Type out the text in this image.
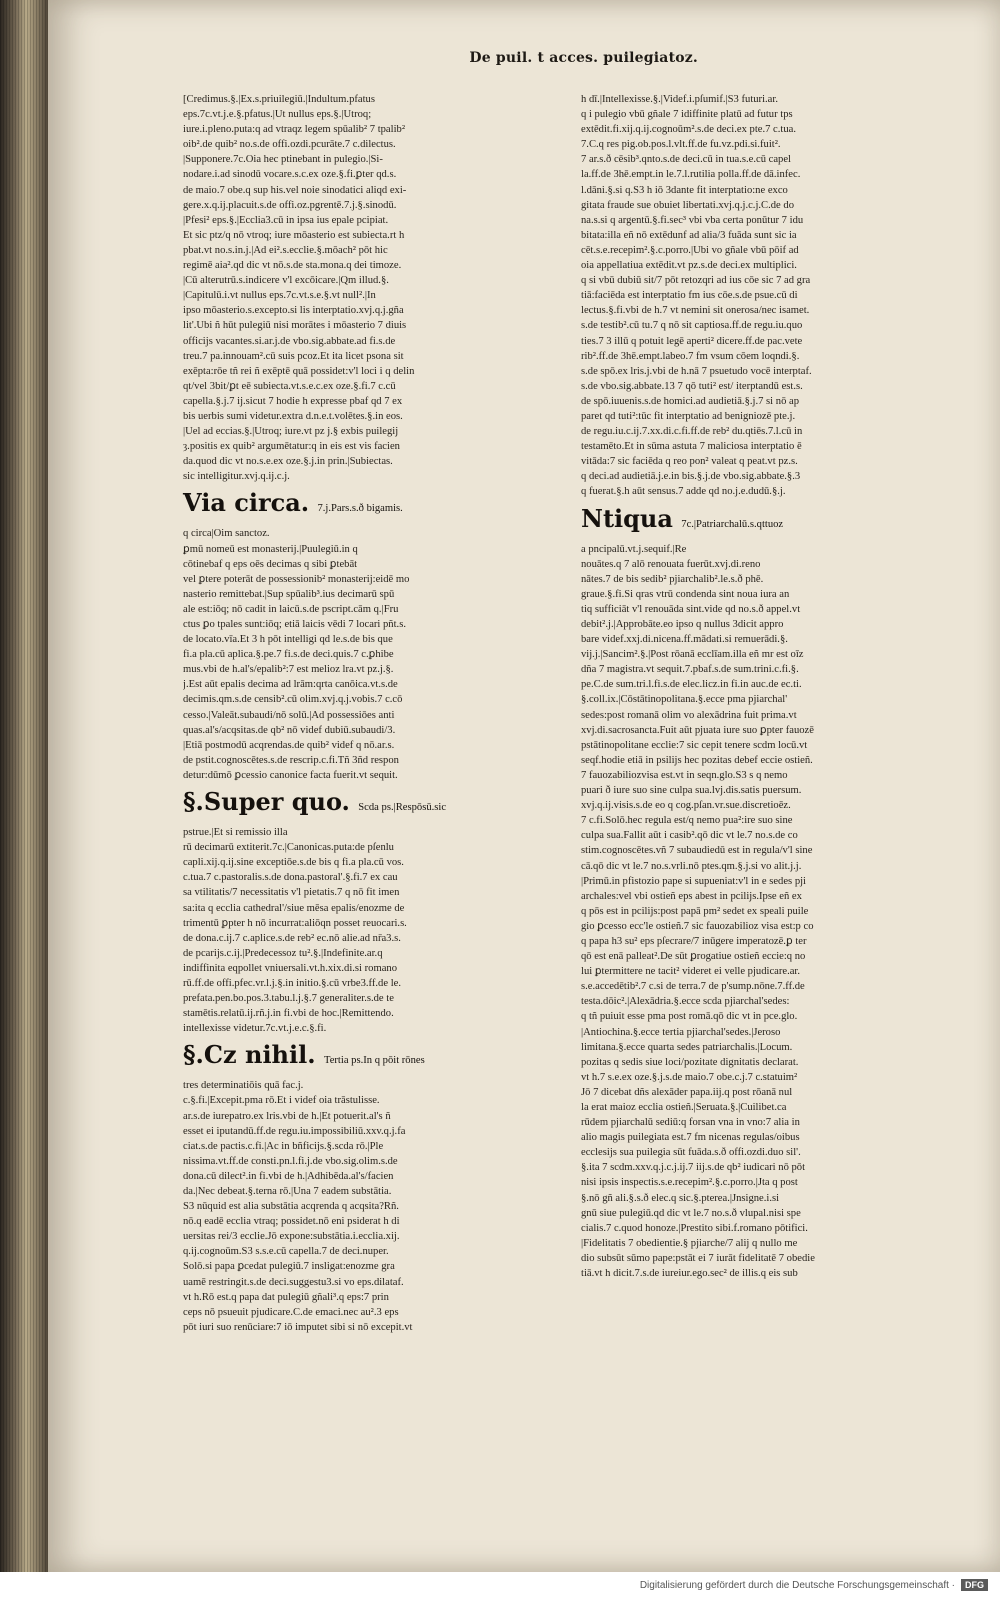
De puil. t acces. puilegiatoz.
[Credimus.§.|Ex.s.priuilegiū.|Indultum.pfatus
eps.7c.vt.j.e.§.pfatus.|Ut nullus eps.§.|Utroq;
iure.i.pleno.puta:q ad vtraqz legem spūalib² 7 tpalib²
oib².de quib² no.s.de offi.ozdi.pcurāte.7 c.dilectus.
|Supponere.7c.Oia hec ptinebant in pulegio.|Si-
nodare.i.ad sinodū vocare.s.c.ex oze.§.fi.ꝑter qd.s.
de maio.7 obe.q sup his.vel noie sinodatici aliqd exi-
gere.x.q.ij.placuit.s.de offi.oz.pgrentē.7.j.§.sinodū.
|Pfesi² eps.§.|Ecclia3.cū in ipsa ius epale pcipiat.
Et sic ptz/q nō vtroq; iure mōasterio est subiecta.rt h
pbat.vt no.s.in.j.|Ad ei².s.ecclie.§.mōach² pōt hic
regimē aia².qd dic vt nō.s.de sta.mona.q dei timoze.
|Cū alterutrū.s.indicere v'l excōicare.|Qm illud.§.
|Capitulū.i.vt nullus eps.7c.vt.s.e.§.vt null².|In
ipso mōasterio.s.excepto.si lis interptatio.xvj.q.j.gña
lit'.Ubi ñ hūt pulegiū nisi morātes i mōasterio 7 diuis
officijs vacantes.si.ar.j.de vbo.sig.abbate.ad fi.s.de
treu.7 pa.innouam².cū suis pcoz.Et ita licet psona sit
exēpta:rōe tñ rei ñ exēptē quā possidet:v'l loci i q delin
qt/vel 3bit/ꝑt eē subiecta.vt.s.e.c.ex oze.§.fi.7 c.cū
capella.§.j.7 ij.sicut 7 hodie h expresse pbaf qd 7 ex
bis uerbis sumi videtur.extra d.n.e.t.volētes.§.in eos.
|Uel ad eccias.§.|Utroq; iure.vt pz j.§ exbis puilegij
ȝ.positis ex quib² argumētatur:q in eis est vis facien
da.quod dic vt no.s.e.ex oze.§.j.in prin.|Subiectas.
sic intelligitur.xvj.q.ij.c.j.
Via circa. 7.j.Pars.s.ð bigamis.
q circa|Oim sanctoz.
ꝑmū nomeū est monasterij.|Puulegiū.in q
cōtinebaf q eps oēs decimas q sibi ꝑtebāt
vel ꝑtere poterāt de possessionib² monasterij:eidē mo
nasterio remittebat.|Sup spūalib³.ius decimarū spū
ale est:iōq; nō cadit in laicū.s.de pscript.cām q.|Fru
ctus ꝑo tpales sunt:iōq; etiā laicis vēdi 7 locari pñt.s.
de locato.vīa.Et 3 h pōt intelligi qd le.s.de bis que
fi.a pla.cū aplica.§.pe.7 fi.s.de deci.quis.7 c.ꝑhibe
mus.vbi de h.al's/epalib²:7 est melioz lra.vt pz.j.§.
j.Est aūt epalis decima ad lrām:qrta canōica.vt.s.de
decimis.qm.s.de censib².cū olim.xvj.q.j.vobis.7 c.cō
cesso.|Valeāt.subaudi/nō solū.|Ad possessiōes anti
quas.al's/acqsitas.de qb² nō videf dubiū.subaudi/3.
|Etiā postmodū acqrendas.de quib² videf q nō.ar.s.
de pstit.cognoscētes.s.de rescrip.c.fi.Tñ 3ñd respon
detur:dūmō ꝑcessio canonice facta fuerit.vt sequit.
§.Super quo. Scda ps.|Respōsū.sic
pstrue.|Et si remissio illa
rū decimarū extiterit.7c.|Canonicas.puta:de pſenlu
capli.xij.q.ij.sine exceptiōe.s.de bis q fi.a pla.cū vos.
c.tua.7 c.pastoralis.s.de dona.pastoral'.§.fi.7 ex cau
sa vtilitatis/7 necessitatis v'l pietatis.7 q nō fit imen
sa:ita q ecclia cathedral'/siue mēsa epalis/enozme de
trimentū ꝑpter h nō incurrat:aliōqn posset reuocari.s.
de dona.c.ij.7 c.aplice.s.de reb² ec.nō alie.ad nr̄a3.s.
de pcarijs.c.ij.|Predecessoz tu².§.|Indefinite.ar.q
indiffinita eqpollet vniuersali.vt.h.xix.di.si romano
rū.ff.de offi.pfec.vr.l.j.§.in initio.§.cū vrbe3.ff.de le.
prefata.pen.bo.pos.3.tabu.l.j.§.7 generaliter.s.de te
stamētis.relatū.ij.rñ.j.in fi.vbi de hoc.|Remittendo.
intellexisse videtur.7c.vt.j.e.c.§.fi.
§.Cz nihil. Tertia ps.In q pōit rōnes
tres determinatiōis quā fac.j.
c.§.fi.|Excepit.pma rō.Et i videf oia trāstulisse.
ar.s.de iurepatro.ex lris.vbi de h.|Et potuerit.al's ñ
esset ei iputandū.ff.de regu.iu.impossibiliū.xxv.q.j.fa
ciat.s.de pactis.c.fi.|Ac in bñficijs.§.scda rō.|Ple
nissima.vt.ff.de consti.pn.l.fi.j.de vbo.sig.olim.s.de
dona.cū dilect².in fi.vbi de h.|Adhibēda.al's/facien
da.|Nec debeat.§.terna rō.|Una 7 eadem substātia.
S3 nūquid est alia substātia acqrenda q acqsita?Rñ.
nō.q eadē ecclia vtraq; possidet.nō eni psiderat h di
uersitas rei/3 ecclie.Jō expone:substātia.i.ecclia.xij.
q.ij.cognoūm.S3 s.s.e.cū capella.7 de deci.nuper.
Solō.si papa ꝑcedat pulegiū.7 insligat:enozme gra
uamē restringit.s.de deci.suggestu3.si vo eps.dilataf.
vt h.Rō est.q papa dat pulegiū gñali³.q eps:7 prin
ceps nō psueuit pjudicare.C.de emaci.nec au².3 eps
pōt iuri suo renūciare:7 iō imputet sibi si nō excepit.vt
h dī.|Intellexisse.§.|Videf.i.pſumif.|S3 futuri.ar.
q i pulegio vbū gñale 7 idiffinite platū ad futur tps
extēdit.fi.xij.q.ij.cognoūm².s.de deci.ex pte.7 c.tua.
7.C.q res pig.ob.pos.l.vlt.ff.de fu.vz.pdi.si.fuit².
7 ar.s.ð cēsib³.qnto.s.de deci.cū in tua.s.e.cū capel
la.ff.de 3hē.empt.in le.7.l.rutilia polla.ff.de dā.infec.
l.dāni.§.si q.S3 h iō 3dante fit interptatio:ne exco
gitata fraude sue obuiet libertati.xvj.q.j.c.j.C.de do
na.s.si q argentū.§.fi.sec³ vbi vba certa ponūtur 7 idu
bitata:illa eñ nō extēdunf ad alia/3 fuāda sunt sic ia
cēt.s.e.recepim².§.c.porro.|Ubi vo gñale vbū pōif ad
oia appellatiua extēdit.vt pz.s.de deci.ex multiplici.
q si vbū dubiū sit/7 pōt retozqri ad ius cōe sic 7 ad gra
tiā:faciēda est interptatio fm ius cōe.s.de psue.cū di
lectus.§.fi.vbi de h.7 vt nemini sit onerosa/nec isamet.
s.de testib².cū tu.7 q nō sit captiosa.ff.de regu.iu.quo
ties.7 3 illū q potuit legē aperti² dicere.ff.de pac.vete
rib².ff.de 3hē.empt.labeo.7 fm vsum cōem loqndi.§.
s.de spō.ex lris.j.vbi de h.nā 7 psuetudo vocē interptaf.
s.de vbo.sig.abbate.13 7 qō tuti² est/ iterptandū est.s.
de spō.iuuenis.s.de homici.ad audietiā.§.j.7 si nō ap
paret qd tuti²:tūc fit interptatio ad benigniozē pte.j.
de regu.iu.c.ij.7.xx.di.c.fi.ff.de reb² du.qtiēs.7.l.cū in
testamēto.Et in sūma astuta 7 maliciosa interptatio ē
vitāda:7 sic faciēda q reo pon² valeat q peat.vt pz.s.
q deci.ad audietiā.j.e.in bis.§.j.de vbo.sig.abbate.§.3
q fuerat.§.h aūt sensus.7 adde qd no.j.e.dudū.§.j.
Ntiqua 7c.|Patriarchalū.s.qttuoz
a pncipalū.vt.j.sequif.|Re
nouātes.q 7 alō renouata fuerūt.xvj.di.reno
nātes.7 de bis sedib² pjiarchalib².le.s.ð phē.
graue.§.fi.Si qras vtrū condenda sint noua iura an
tiq sufficiāt v'l renouāda sint.vide qd no.s.ð appel.vt
debit².j.|Approbāte.eo ipso q nullus 3dicit appro
bare videf.xxj.di.nicena.ff.mādati.si remuerādi.§.
vij.j.|Sancim².§.|Post rōanā ecclīam.illa eñ mr est oīz
dña 7 magistra.vt sequit.7.pbaf.s.de sum.trini.c.fi.§.
pe.C.de sum.tri.l.fi.s.de elec.licz.in fi.in auc.de ec.ti.
§.coll.ix.|Cōstātinopolitana.§.ecce pma pjiarchal'
sedes:post romanā olim vo alexādrina fuit prima.vt
xvj.di.sacrosancta.Fuit aūt pjuata iure suo ꝑpter fauozē
pstātinopolitane ecclie:7 sic cepit tenere scdm locū.vt
seqf.hodie etiā in psilijs hec pozitas debef eccie ostieñ.
7 fauozabiliozvisa est.vt in seqn.glo.S3 s q nemo
puari ð iure suo sine culpa sua.lvj.dis.satis puersum.
xvj.q.ij.visis.s.de eo q cog.pſan.vr.sue.discretioēz.
7 c.fi.Solō.hec regula est/q nemo pua²:ire suo sine
culpa sua.Fallit aūt i casib².qō dic vt le.7 no.s.de co
stim.cognoscētes.vñ 7 subaudiedū est in regula/v'l sine
cā.qō dic vt le.7 no.s.vrli.nō ptes.qm.§.j.si vo alit.j.j.
|Primū.in pfistozio pape si supueniat:v'l in e sedes pji
archales:vel vbi ostieñ eps abest in pcilijs.Ipse eñ ex
q pōs est in pcilijs:post papā pm² sedet ex speali puile
gio ꝑcesso ecc'le ostieñ.7 sic fauozabilioz visa est:p co
q papa h3 su² eps pſecrare/7 inūgere imperatozē.ꝑ ter
qō est enā palleat².De sūt ꝑrogatiue ostieñ eccie:q no
lui ꝑtermittere ne tacit² videret ei velle pjudicare.ar.
s.e.accedētib².7 c.si de terra.7 de p'sump.nōne.7.ff.de
testa.dōic².|Alexādria.§.ecce scda pjiarchal'sedes:
q tñ puiuit esse pma post romā.qō dic vt in pce.glo.
|Antiochina.§.ecce tertia pjiarchal'sedes.|Jeroso
limitana.§.ecce quarta sedes patriarchalis.|Locum.
pozitas q sedis siue loci/pozitate dignitatis declarat.
vt h.7 s.e.ex oze.§.j.s.de maio.7 obe.c.j.7 c.statuim²
Jō 7 dicebat dñs alexāder papa.iij.q post rōanā nul
la erat maioz ecclia ostieñ.|Seruata.§.|Cuilibet.ca
rūdem pjiarchalū sediū:q forsan vna in vno:7 alia in
alio magis puilegiata est.7 fm nicenas regulas/oibus
ecclesijs sua puilegia sūt fuāda.s.ð offi.ozdi.duo sil'.
§.ita 7 scdm.xxv.q.j.c.j.ij.7 iij.s.de qb² iudicari nō pōt
nisi ipsis inspectis.s.e.recepim².§.c.porro.|Jta q post
§.nō gñ ali.§.s.ð elec.q sic.§.pterea.|Jnsigne.i.si
gnū siue pulegiū.qd dic vt le.7 no.s.ð vlupal.nisi spe
cialis.7 c.quod honoze.|Prestito sibi.f.romano pōtifici.
|Fidelitatis 7 obedientie.§ pjiarche/7 alij q nullo me
dio subsūt sūmo pape:pstāt ei 7 iurāt fidelitatē 7 obedie
tiā.vt h dicit.7.s.de iureiur.ego.sec² de illis.q eis sub
Digitalisierung gefördert durch die Deutsche Forschungsgemeinschaft ·	DFG
